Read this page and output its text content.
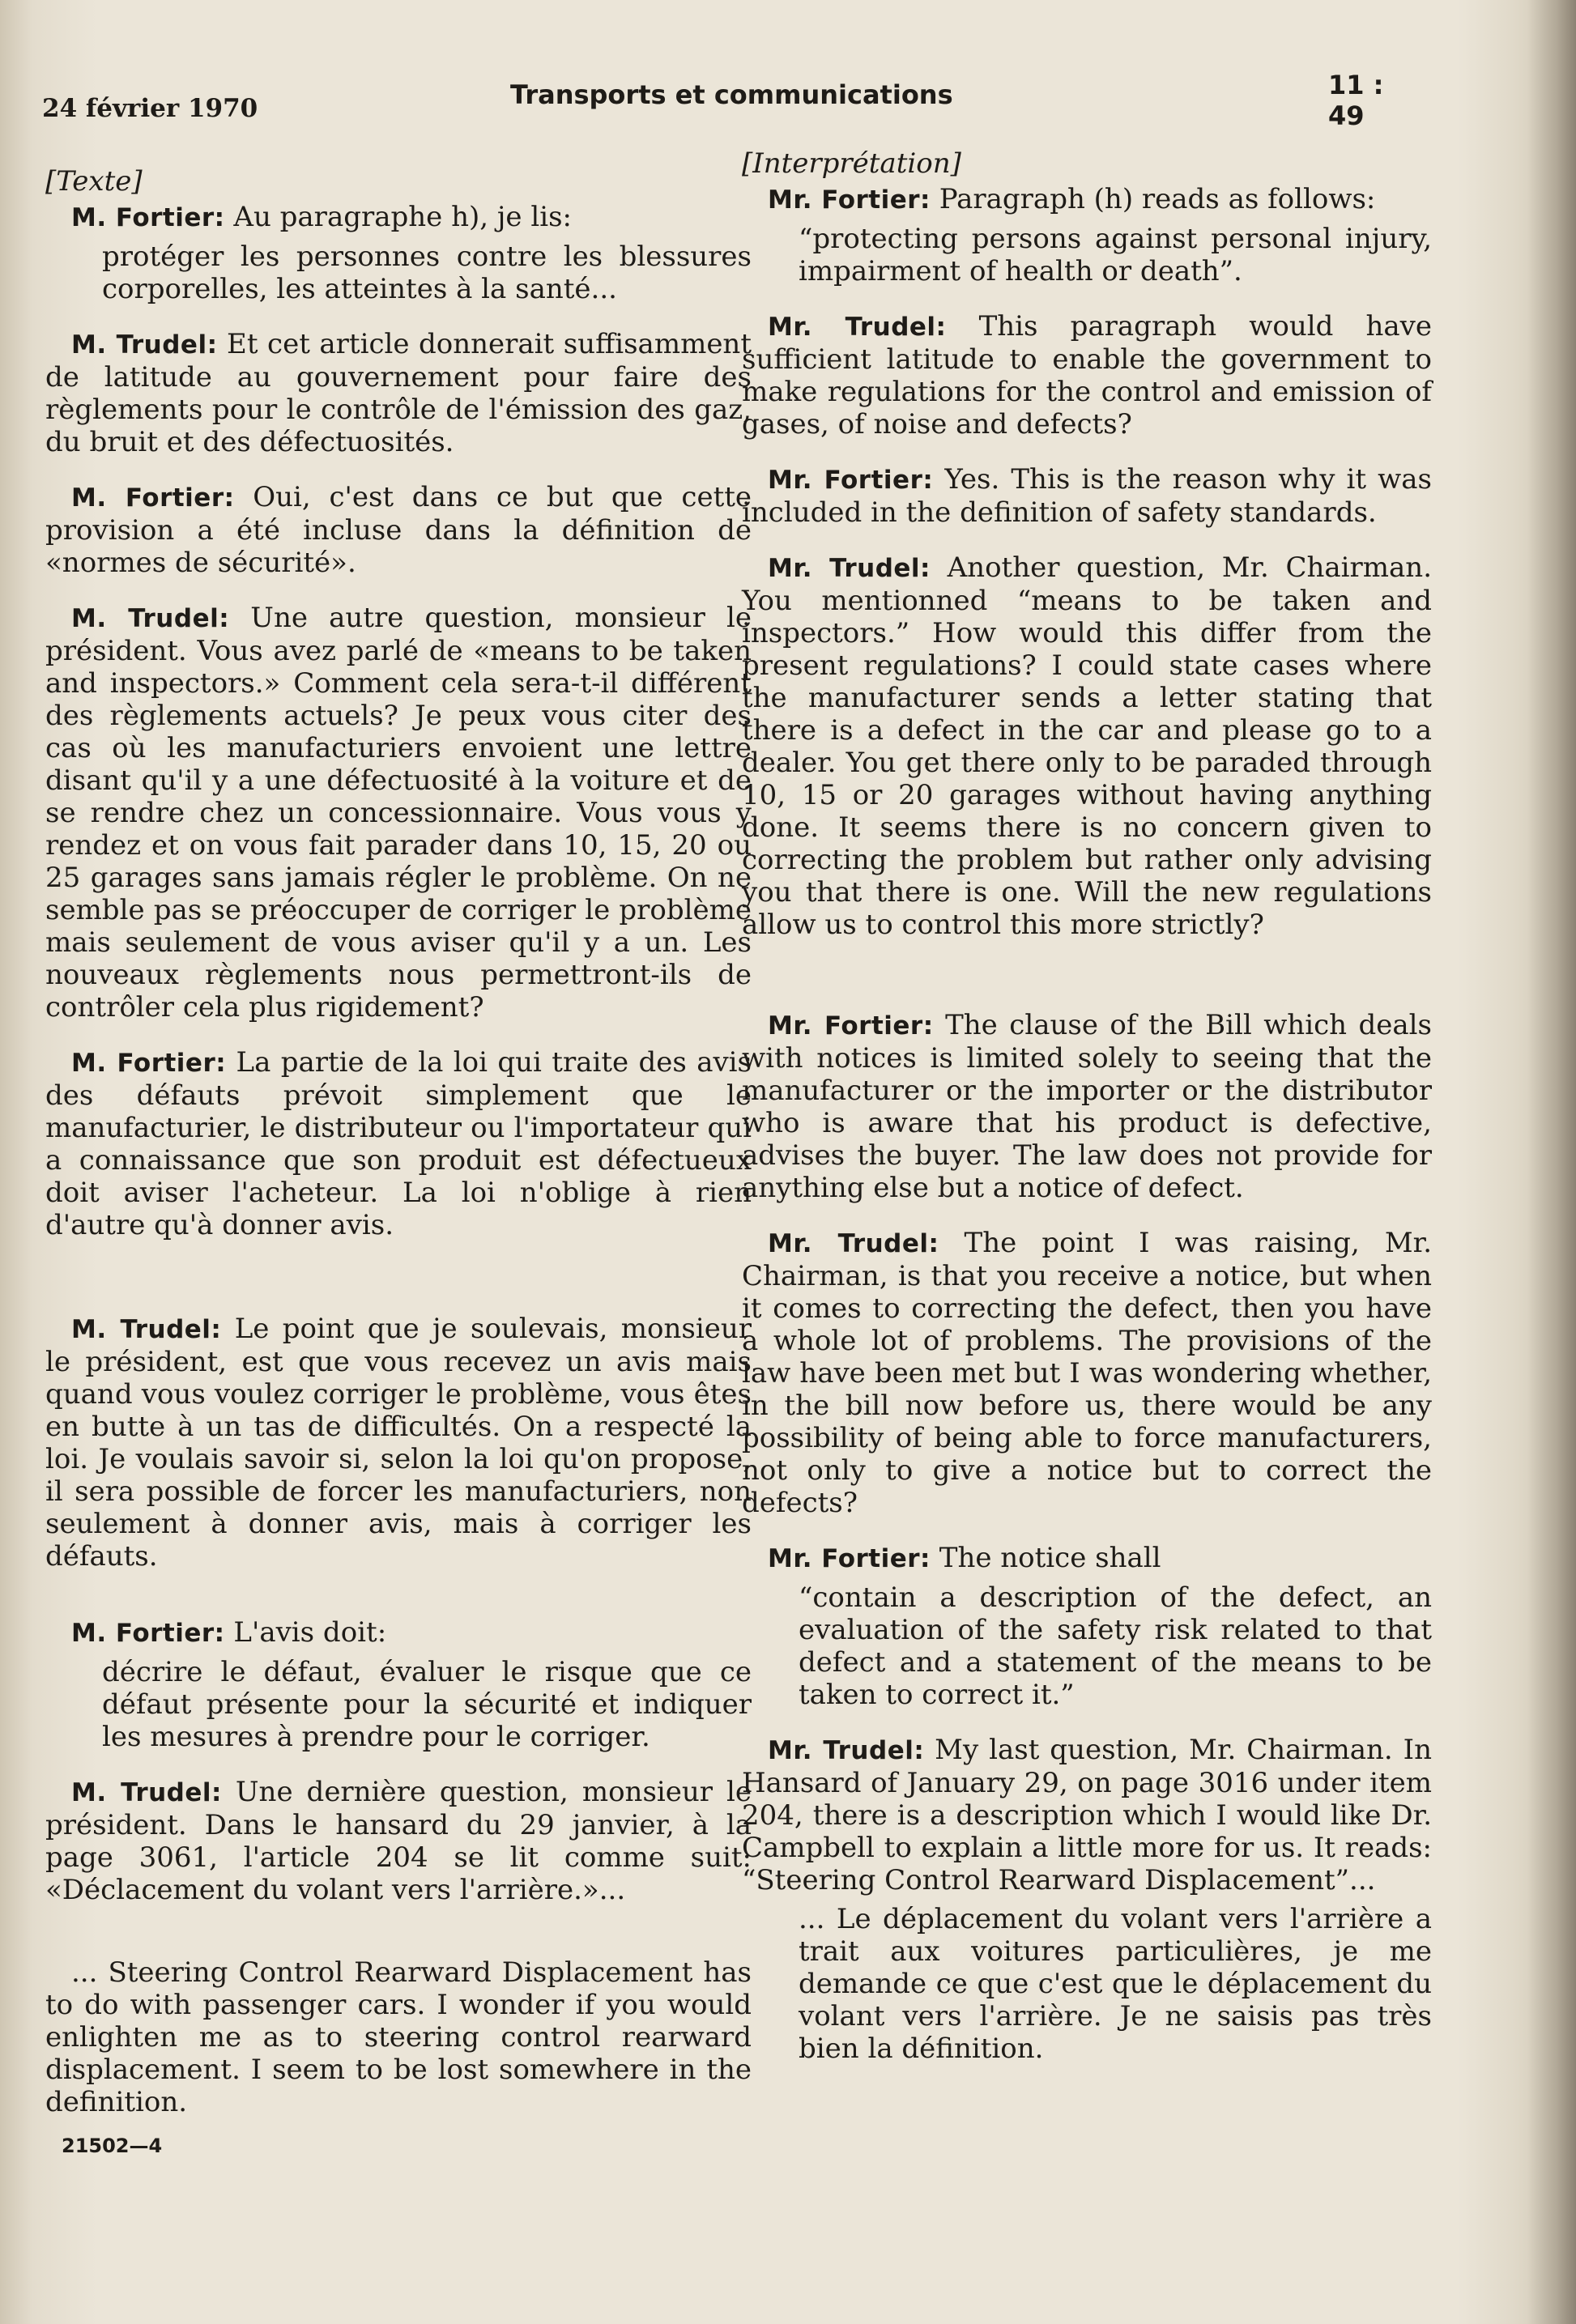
24 février 1970	Transports et communications	11 : 49
[Texte]

M. Fortier: Au paragraphe h), je lis:

protéger les personnes contre les blessures corporelles, les atteintes à la santé...

M. Trudel: Et cet article donnerait suffisamment de latitude au gouvernement pour faire des règlements pour le contrôle de l'émission des gaz, du bruit et des défectuosités.

M. Fortier: Oui, c'est dans ce but que cette provision a été incluse dans la définition de «normes de sécurité».

M. Trudel: Une autre question, monsieur le président. Vous avez parlé de «means to be taken and inspectors.» Comment cela sera-t-il différent des règlements actuels? Je peux vous citer des cas où les manufacturiers envoient une lettre disant qu'il y a une défectuosité à la voiture et de se rendre chez un concessionnaire. Vous vous y rendez et on vous fait parader dans 10, 15, 20 ou 25 garages sans jamais régler le problème. On ne semble pas se préoccuper de corriger le problème mais seulement de vous aviser qu'il y a un. Les nouveaux règlements nous permettront-ils de contrôler cela plus rigidement?

M. Fortier: La partie de la loi qui traite des avis des défauts prévoit simplement que le manufacturier, le distributeur ou l'importateur qui a connaissance que son produit est défectueux doit aviser l'acheteur. La loi n'oblige à rien d'autre qu'à donner avis.

M. Trudel: Le point que je soulevais, monsieur le président, est que vous recevez un avis mais quand vous voulez corriger le problème, vous êtes en butte à un tas de difficultés. On a respecté la loi. Je voulais savoir si, selon la loi qu'on propose, il sera possible de forcer les manufacturiers, non seulement à donner avis, mais à corriger les défauts.

M. Fortier: L'avis doit:

décrire le défaut, évaluer le risque que ce défaut présente pour la sécurité et indiquer les mesures à prendre pour le corriger.

M. Trudel: Une dernière question, monsieur le président. Dans le hansard du 29 janvier, à la page 3061, l'article 204 se lit comme suit: «Déclacement du volant vers l'arrière.»...

... Steering Control Rearward Displacement has to do with passenger cars. I wonder if you would enlighten me as to steering control rearward displacement. I seem to be lost somewhere in the definition.

21502—4
[Interprétation]

Mr. Fortier: Paragraph (h) reads as follows:

“protecting persons against personal injury, impairment of health or death”.

Mr. Trudel: This paragraph would have sufficient latitude to enable the government to make regulations for the control and emission of gases, of noise and defects?

Mr. Fortier: Yes. This is the reason why it was included in the definition of safety standards.

Mr. Trudel: Another question, Mr. Chairman. You mentionned “means to be taken and inspectors.” How would this differ from the present regulations? I could state cases where the manufacturer sends a letter stating that there is a defect in the car and please go to a dealer. You get there only to be paraded through 10, 15 or 20 garages without having anything done. It seems there is no concern given to correcting the problem but rather only advising you that there is one. Will the new regulations allow us to control this more strictly?

Mr. Fortier: The clause of the Bill which deals with notices is limited solely to seeing that the manufacturer or the importer or the distributor who is aware that his product is defective, advises the buyer. The law does not provide for anything else but a notice of defect.

Mr. Trudel: The point I was raising, Mr. Chairman, is that you receive a notice, but when it comes to correcting the defect, then you have a whole lot of problems. The provisions of the law have been met but I was wondering whether, in the bill now before us, there would be any possibility of being able to force manufacturers, not only to give a notice but to correct the defects?

Mr. Fortier: The notice shall

“contain a description of the defect, an evaluation of the safety risk related to that defect and a statement of the means to be taken to correct it.”

Mr. Trudel: My last question, Mr. Chairman. In Hansard of January 29, on page 3016 under item 204, there is a description which I would like Dr. Campbell to explain a little more for us. It reads: “Steering Control Rearward Displacement”...

... Le déplacement du volant vers l'arrière a trait aux voitures particulières, je me demande ce que c'est que le déplacement du volant vers l'arrière. Je ne saisis pas très bien la définition.
